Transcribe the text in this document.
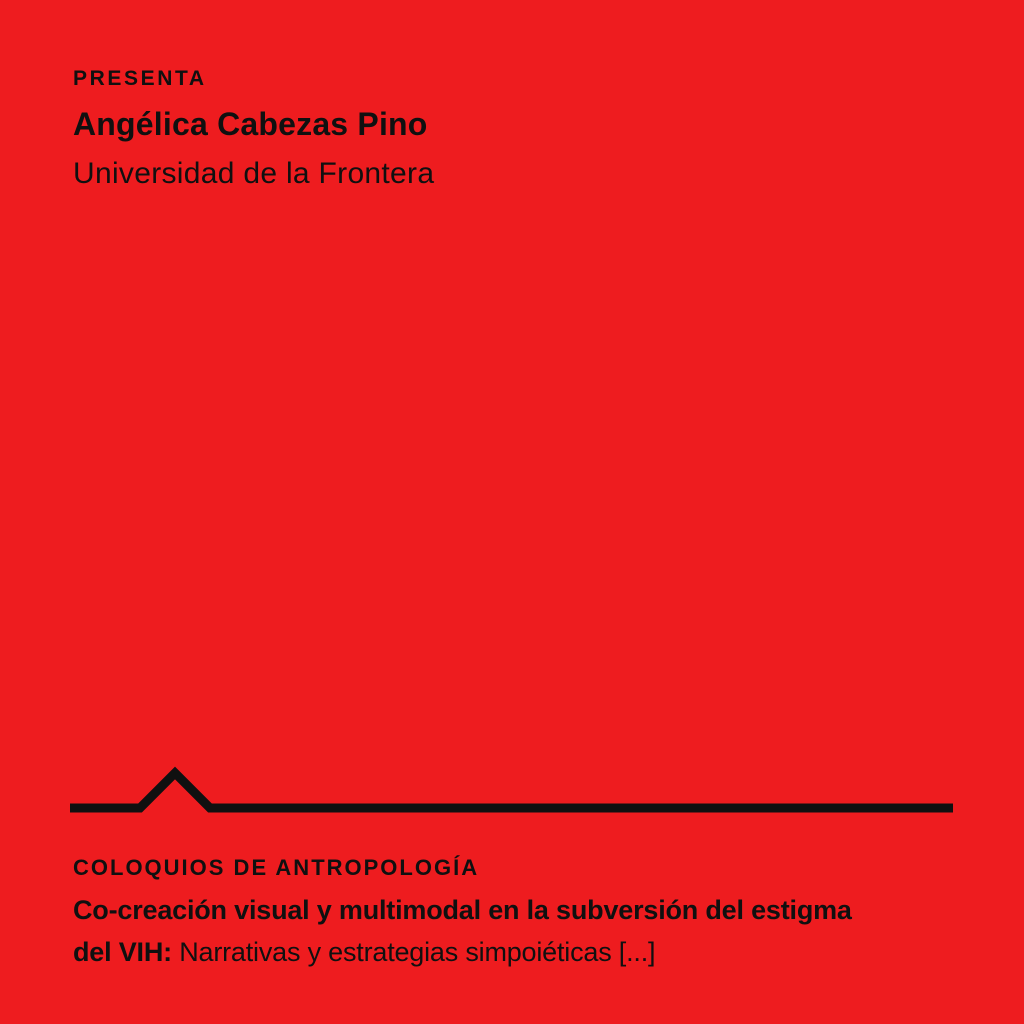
PRESENTA
Angélica Cabezas Pino
Universidad de la Frontera
COLOQUIOS DE ANTROPOLOGÍA
Co-creación visual y multimodal en la subversión del estigma
del VIH: Narrativas y estrategias simpoiéticas [...]
